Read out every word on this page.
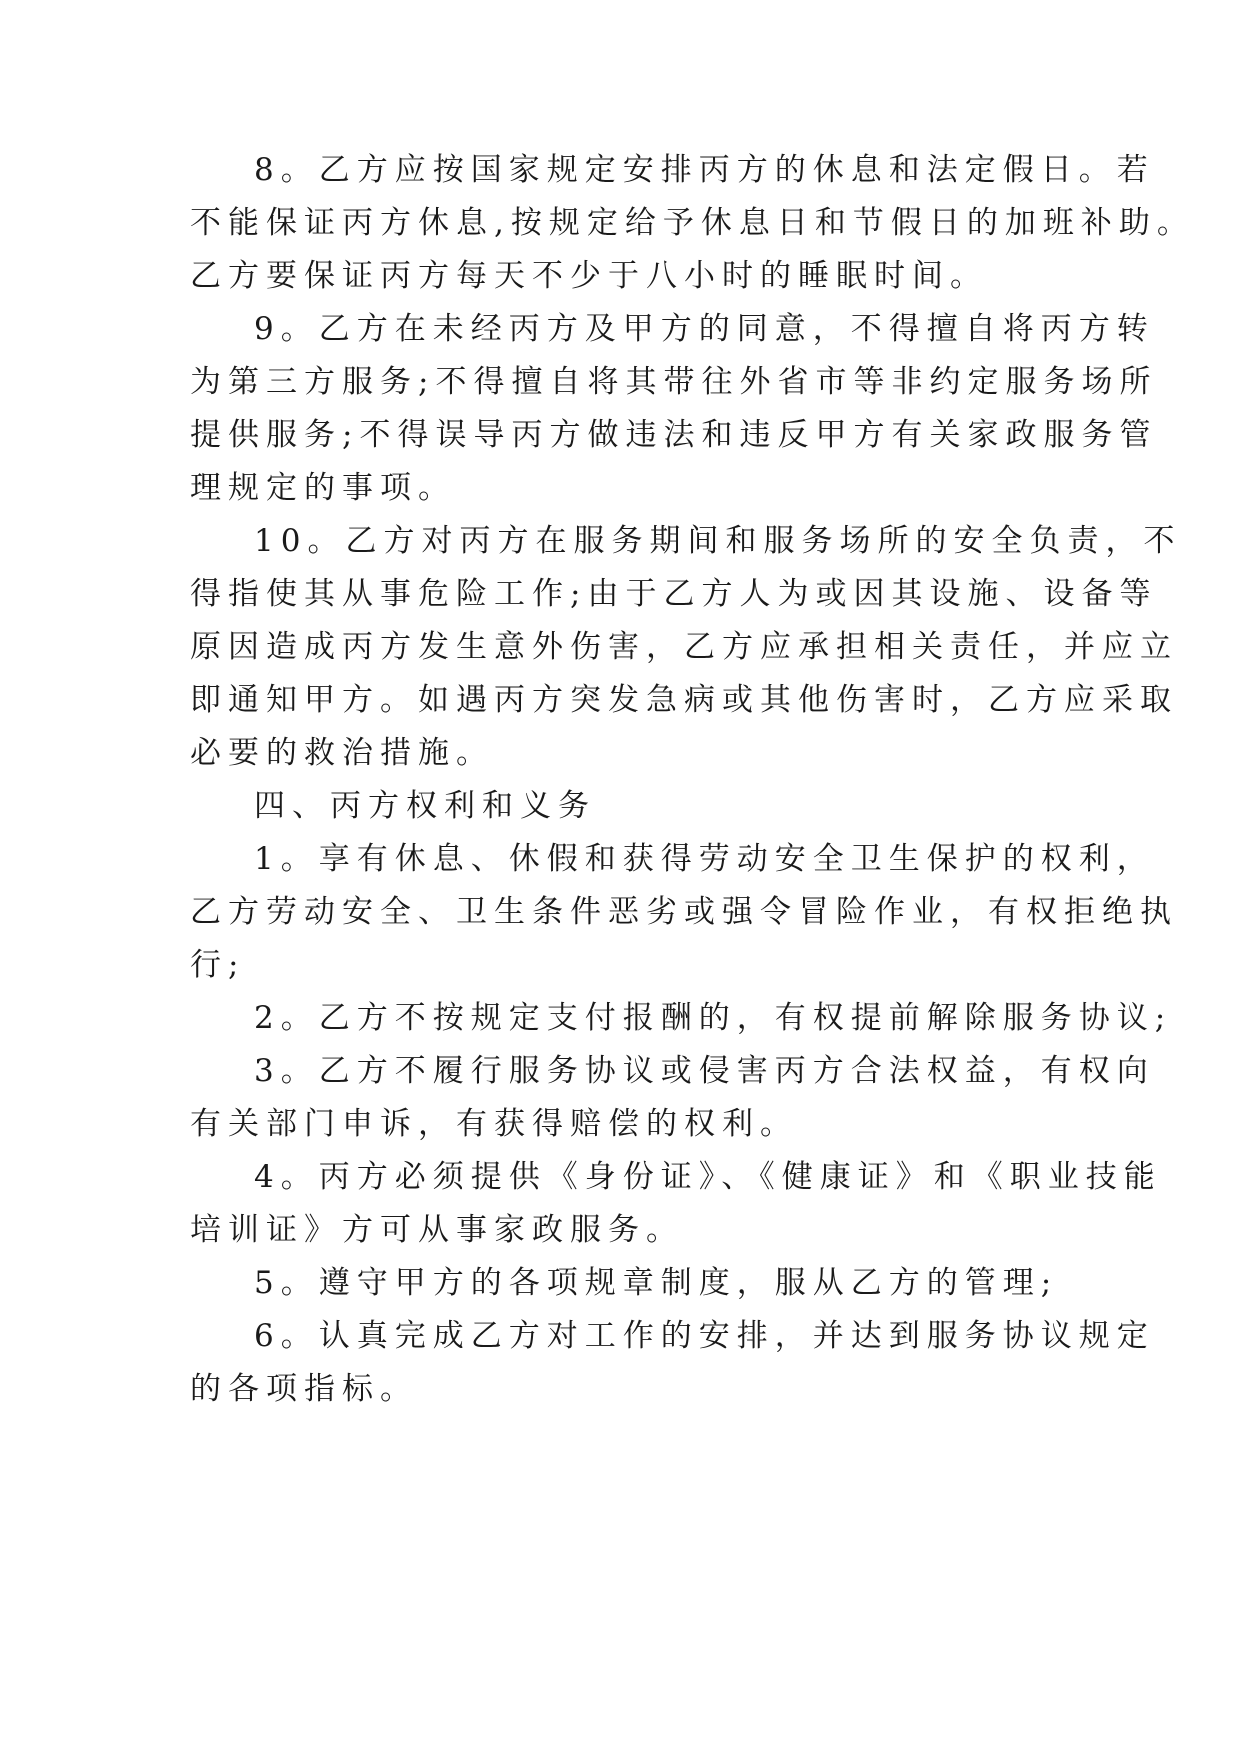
8。乙方应按国家规定安排丙方的休息和法定假日。若
不能保证丙方休息,按规定给予休息日和节假日的加班补助。
乙方要保证丙方每天不少于八小时的睡眠时间。
9。乙方在未经丙方及甲方的同意，不得擅自将丙方转
为第三方服务;不得擅自将其带往外省市等非约定服务场所
提供服务;不得误导丙方做违法和违反甲方有关家政服务管
理规定的事项。
10。乙方对丙方在服务期间和服务场所的安全负责，不
得指使其从事危险工作;由于乙方人为或因其设施、设备等
原因造成丙方发生意外伤害，乙方应承担相关责任，并应立
即通知甲方。如遇丙方突发急病或其他伤害时，乙方应采取
必要的救治措施。
四、丙方权利和义务
1。享有休息、休假和获得劳动安全卫生保护的权利，
乙方劳动安全、卫生条件恶劣或强令冒险作业，有权拒绝执
行;
2。乙方不按规定支付报酬的，有权提前解除服务协议;
3。乙方不履行服务协议或侵害丙方合法权益，有权向
有关部门申诉，有获得赔偿的权利。
4。丙方必须提供《身份证》、《健康证》和《职业技能
培训证》方可从事家政服务。
5。遵守甲方的各项规章制度，服从乙方的管理;
6。认真完成乙方对工作的安排，并达到服务协议规定
的各项指标。
